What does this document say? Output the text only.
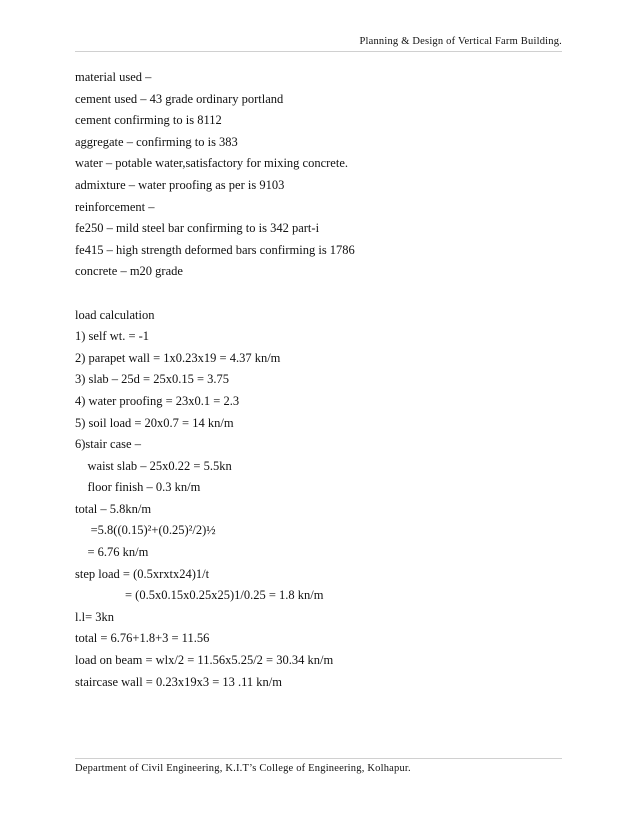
Planning & Design of Vertical Farm Building.
material used –
cement used – 43 grade ordinary portland
cement confirming to is 8112
aggregate – confirming to is 383
water – potable water,satisfactory for mixing concrete.
admixture – water proofing as per is 9103
reinforcement –
fe250 – mild steel bar confirming to is 342 part-i
fe415 – high strength deformed bars confirming is 1786
concrete – m20 grade
load calculation
1) self wt. = -1
2) parapet wall = 1x0.23x19 = 4.37 kn/m
3) slab – 25d = 25x0.15 = 3.75
4) water proofing = 23x0.1 = 2.3
5) soil load = 20x0.7 = 14 kn/m
6)stair case –
waist slab – 25x0.22 = 5.5kn
floor finish – 0.3 kn/m
total – 5.8kn/m
=5.8((0.15)²+(0.25)²/2)½
= 6.76 kn/m
step load = (0.5xrxtx24)1/t
= (0.5x0.15x0.25x25)1/0.25 = 1.8 kn/m
l.l= 3kn
total = 6.76+1.8+3 = 11.56
load on beam = wlx/2 = 11.56x5.25/2 = 30.34 kn/m
staircase wall = 0.23x19x3 = 13 .11 kn/m
Department of Civil Engineering, K.I.T’s College of Engineering, Kolhapur.
